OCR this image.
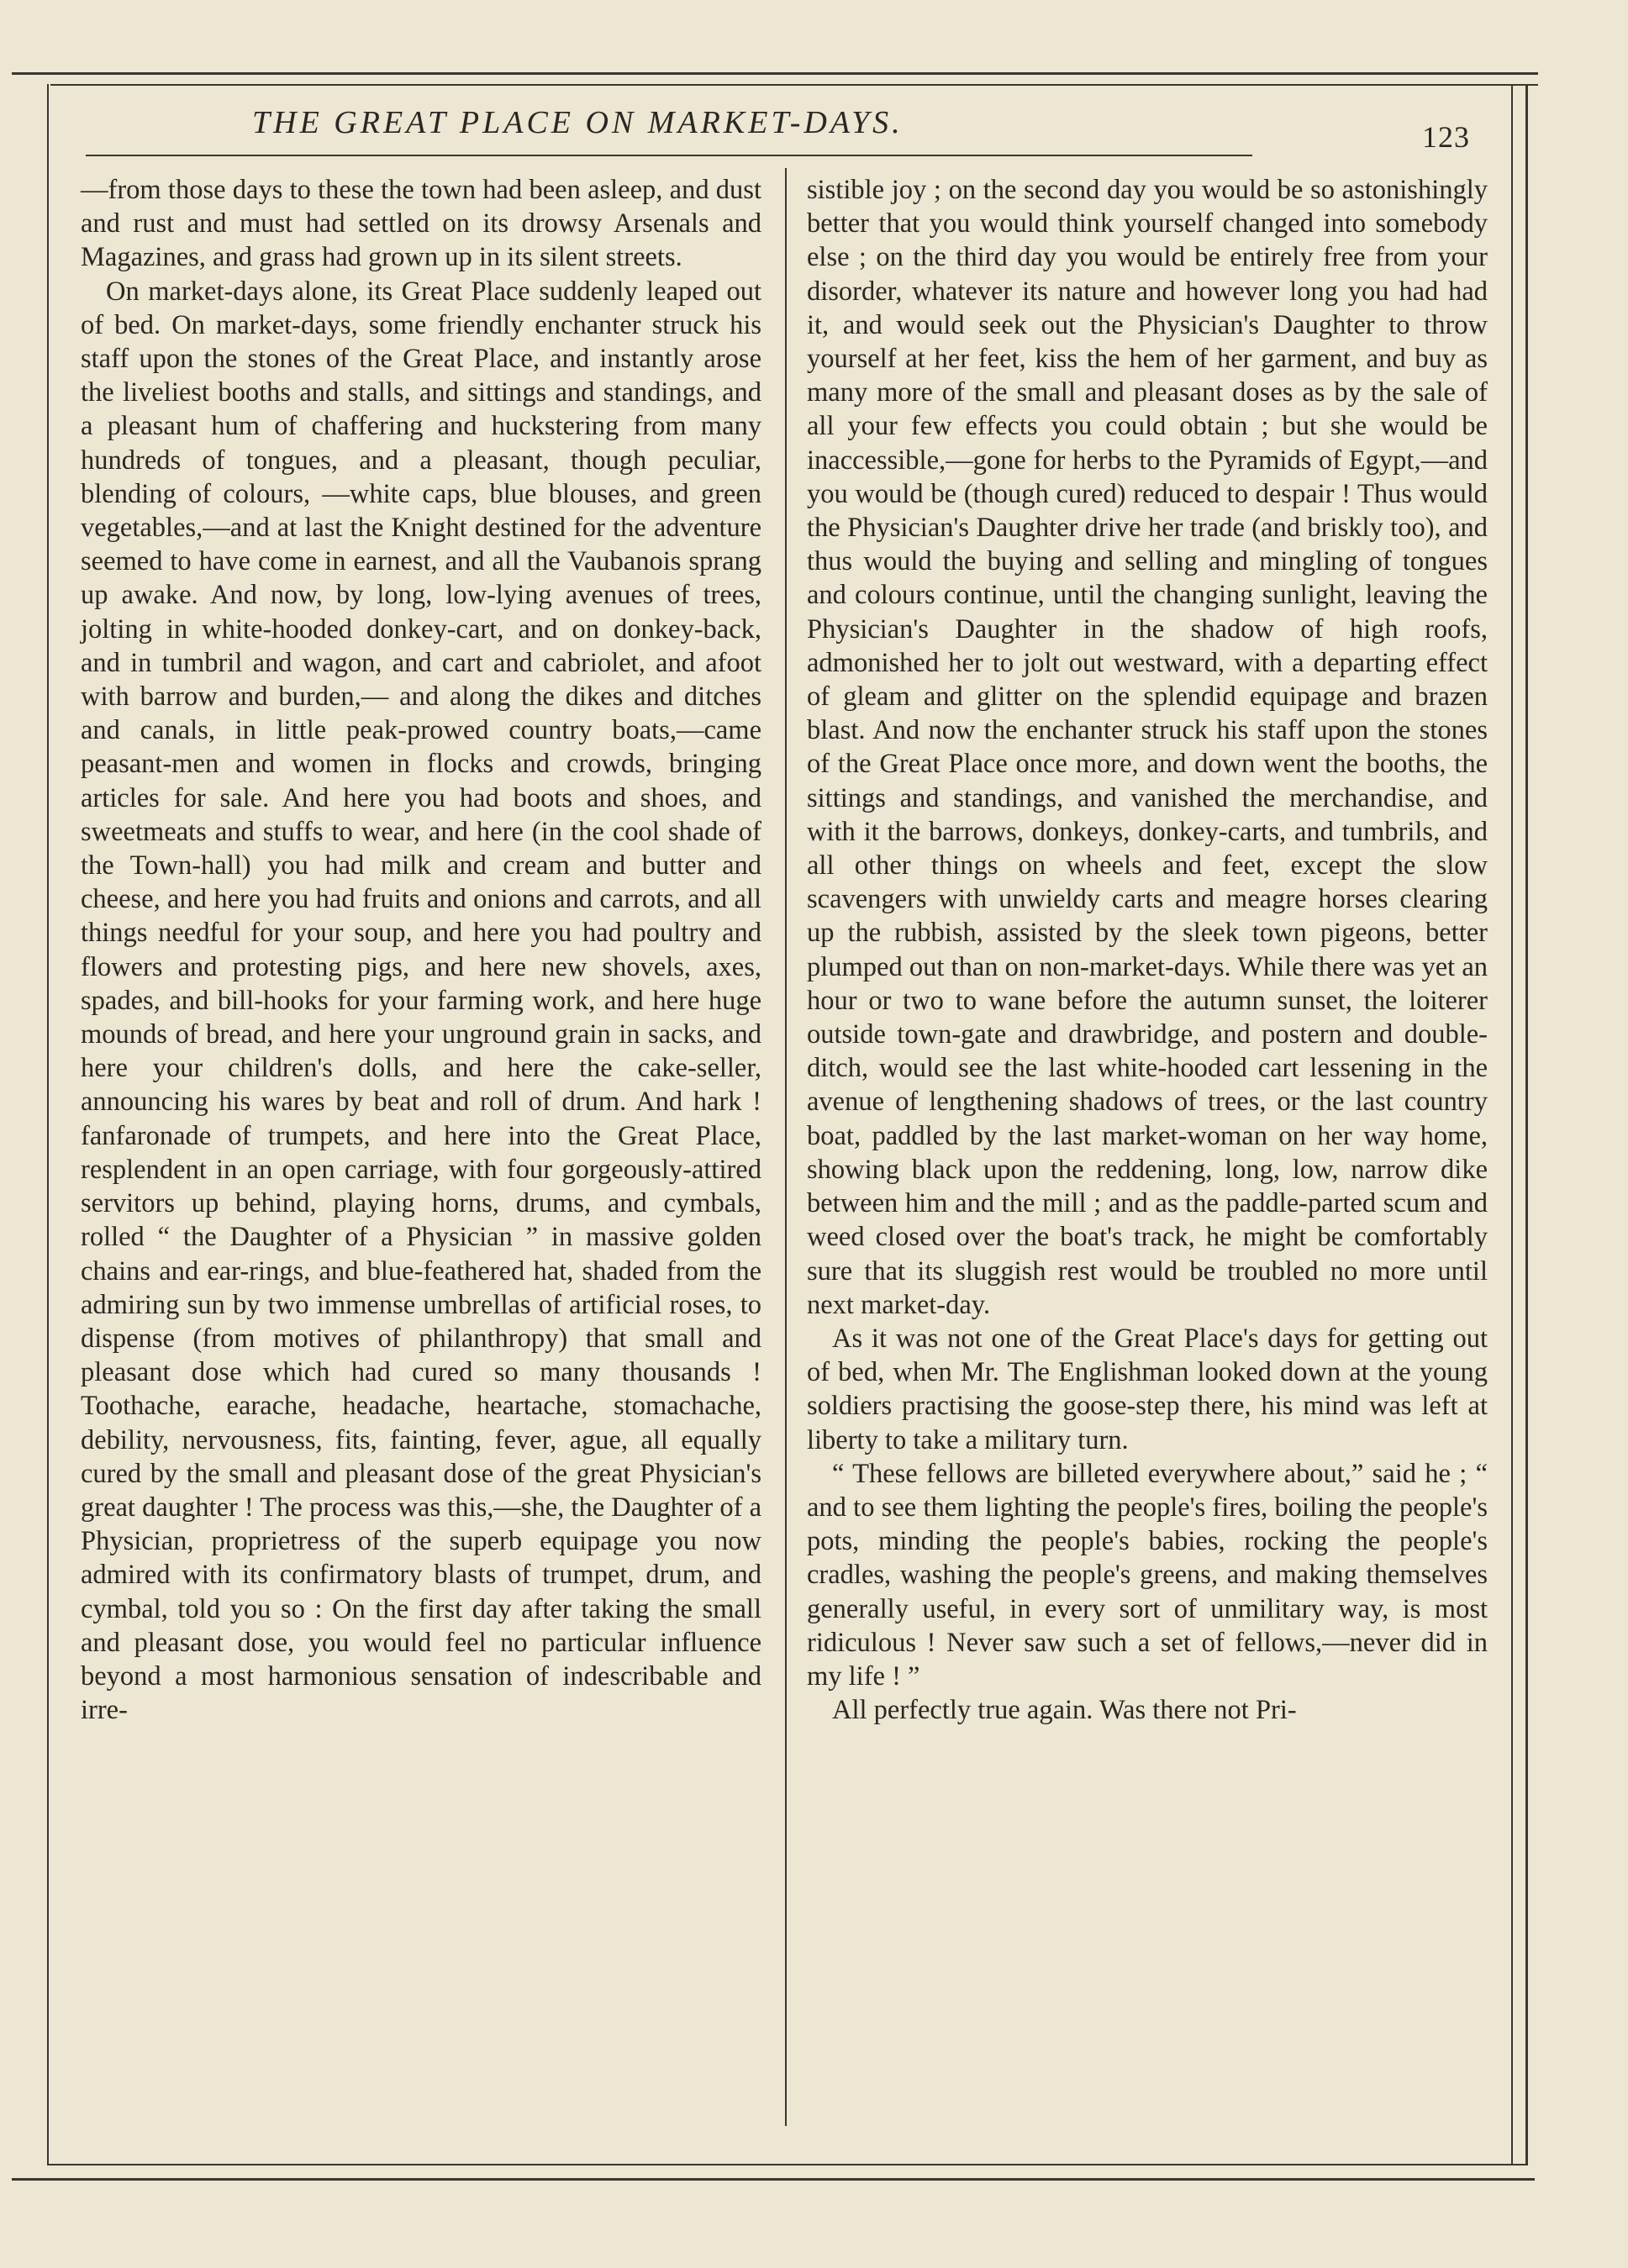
THE GREAT PLACE ON MARKET-DAYS.	123

—from those days to these the town had been asleep, and dust and rust and must had settled on its drowsy Arsenals and Magazines, and grass had grown up in its silent streets.

On market-days alone, its Great Place suddenly leaped out of bed. On market-days, some friendly enchanter struck his staff upon the stones of the Great Place, and instantly arose the liveliest booths and stalls, and sittings and standings, and a pleasant hum of chaffering and huckstering from many hundreds of tongues, and a pleasant, though peculiar, blending of colours, —white caps, blue blouses, and green vegetables,—and at last the Knight destined for the adventure seemed to have come in earnest, and all the Vaubanois sprang up awake. And now, by long, low-lying avenues of trees, jolting in white-hooded donkey-cart, and on donkey-back, and in tumbril and wagon, and cart and cabriolet, and afoot with barrow and burden,— and along the dikes and ditches and canals, in little peak-prowed country boats,—came peasant-men and women in flocks and crowds, bringing articles for sale. And here you had boots and shoes, and sweetmeats and stuffs to wear, and here (in the cool shade of the Town-hall) you had milk and cream and butter and cheese, and here you had fruits and onions and carrots, and all things needful for your soup, and here you had poultry and flowers and protesting pigs, and here new shovels, axes, spades, and bill-hooks for your farming work, and here huge mounds of bread, and here your unground grain in sacks, and here your children's dolls, and here the cake-seller, announcing his wares by beat and roll of drum. And hark ! fanfaronade of trumpets, and here into the Great Place, resplendent in an open carriage, with four gorgeously-attired servitors up behind, playing horns, drums, and cymbals, rolled “ the Daughter of a Physician ” in massive golden chains and ear-rings, and blue-feathered hat, shaded from the admiring sun by two immense umbrellas of artificial roses, to dispense (from motives of philanthropy) that small and pleasant dose which had cured so many thousands ! Toothache, earache, headache, heartache, stomachache, debility, nervousness, fits, fainting, fever, ague, all equally cured by the small and pleasant dose of the great Physician's great daughter ! The process was this,—she, the Daughter of a Physician, proprietress of the superb equipage you now admired with its confirmatory blasts of trumpet, drum, and cymbal, told you so : On the first day after taking the small and pleasant dose, you would feel no particular influence beyond a most harmonious sensation of indescribable and irre-

sistible joy ; on the second day you would be so astonishingly better that you would think yourself changed into somebody else ; on the third day you would be entirely free from your disorder, whatever its nature and however long you had had it, and would seek out the Physician's Daughter to throw yourself at her feet, kiss the hem of her garment, and buy as many more of the small and pleasant doses as by the sale of all your few effects you could obtain ; but she would be inaccessible,—gone for herbs to the Pyramids of Egypt,—and you would be (though cured) reduced to despair ! Thus would the Physician's Daughter drive her trade (and briskly too), and thus would the buying and selling and mingling of tongues and colours continue, until the changing sunlight, leaving the Physician's Daughter in the shadow of high roofs, admonished her to jolt out westward, with a departing effect of gleam and glitter on the splendid equipage and brazen blast. And now the enchanter struck his staff upon the stones of the Great Place once more, and down went the booths, the sittings and standings, and vanished the merchandise, and with it the barrows, donkeys, donkey-carts, and tumbrils, and all other things on wheels and feet, except the slow scavengers with unwieldy carts and meagre horses clearing up the rubbish, assisted by the sleek town pigeons, better plumped out than on non-market-days. While there was yet an hour or two to wane before the autumn sunset, the loiterer outside town-gate and drawbridge, and postern and double-ditch, would see the last white-hooded cart lessening in the avenue of lengthening shadows of trees, or the last country boat, paddled by the last market-woman on her way home, showing black upon the reddening, long, low, narrow dike between him and the mill ; and as the paddle-parted scum and weed closed over the boat's track, he might be comfortably sure that its sluggish rest would be troubled no more until next market-day.

As it was not one of the Great Place's days for getting out of bed, when Mr. The Englishman looked down at the young soldiers practising the goose-step there, his mind was left at liberty to take a military turn.

“ These fellows are billeted everywhere about,” said he ; “ and to see them lighting the people's fires, boiling the people's pots, minding the people's babies, rocking the people's cradles, washing the people's greens, and making themselves generally useful, in every sort of unmilitary way, is most ridiculous ! Never saw such a set of fellows,—never did in my life ! ”

All perfectly true again. Was there not Pri-
